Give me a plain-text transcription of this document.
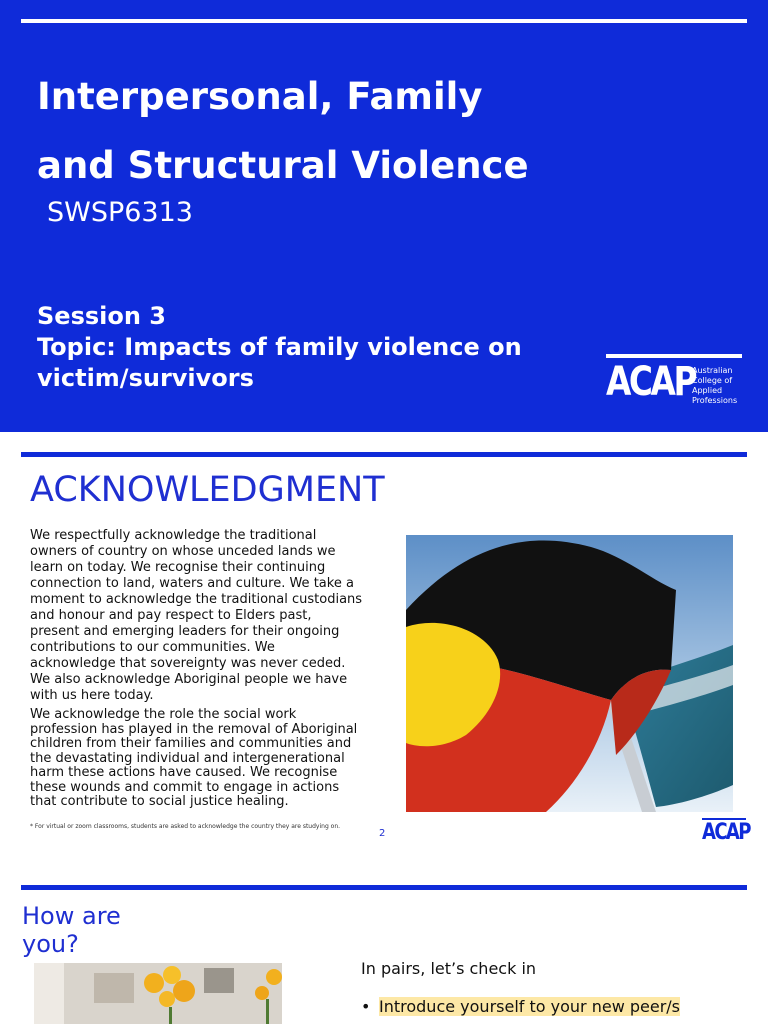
Interpersonal, Family
and Structural Violence
SWSP6313
Session 3
Topic: Impacts of family violence on
victim/survivors	ACAP
Australian
College of
Applied
Professions
ACKNOWLEDGMENT
We respectfully acknowledge the traditional
owners of country on whose unceded lands we
learn on today. We recognise their continuing
connection to land, waters and culture. We take a
moment to acknowledge the traditional custodians
and honour and pay respect to Elders past,
present and emerging leaders for their ongoing
contributions to our communities. We
acknowledge that sovereignty was never ceded.
We also acknowledge Aboriginal people we have
with us here today.
We acknowledge the role the social work
profession has played in the removal of Aboriginal
children from their families and communities and
the devastating individual and intergenerational
harm these actions have caused. We recognise
these wounds and commit to engage in actions
that contribute to social justice healing.
* For virtual or zoom classrooms, students are asked to acknowledge the country they are studying on.
2	ACAP
How are
you?
In pairs, let’s check in
• Introduce yourself to your new peer/s
